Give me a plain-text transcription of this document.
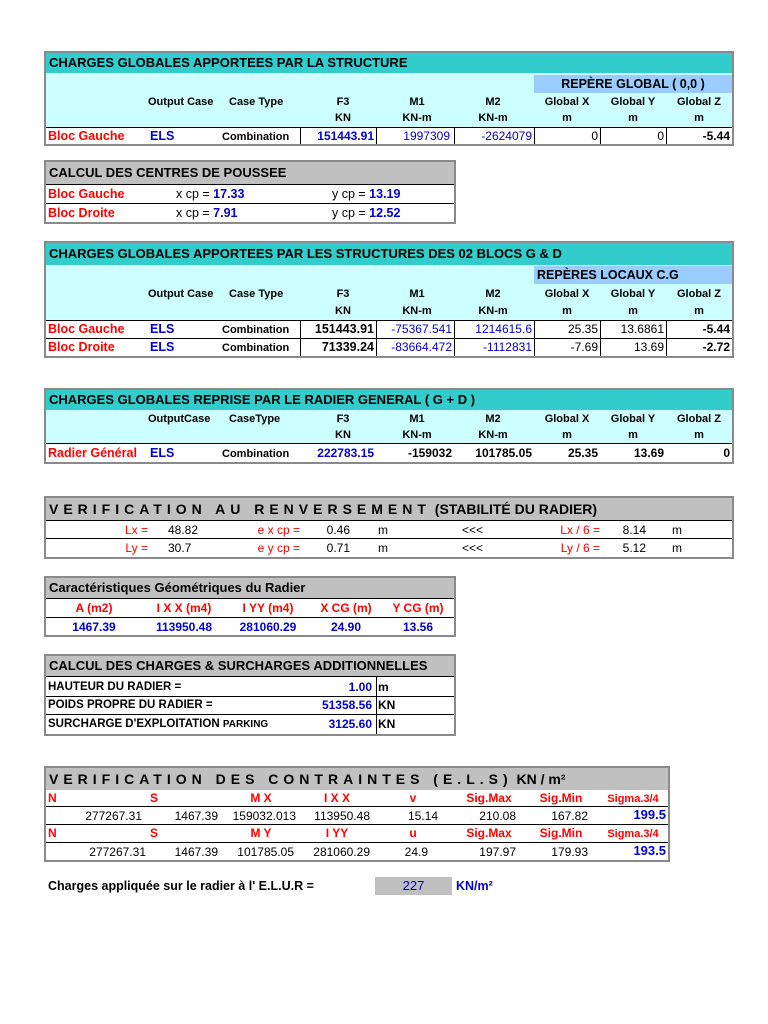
CHARGES GLOBALES APPORTEES PAR LA STRUCTURE
REPÈRE GLOBAL ( 0,0 )
Output Case Case Type	F3	M1	M2	Global X	Global Y	Global Z
KN	KN-m	KN-m	m	m	m
Bloc Gauche ELS	Combination	151443.91	1997309	-2624079	0	0	-5.44
CALCUL DES CENTRES DE POUSSEE
Bloc Gauche	x cp = 17.33	y cp = 13.19
Bloc Droite	x cp = 7.91	y cp = 12.52
CHARGES GLOBALES APPORTEES PAR LES STRUCTURES DES 02 BLOCS G & D
REPÈRES LOCAUX C.G
Output Case Case Type	F3	M1	M2	Global X	Global Y	Global Z
KN	KN-m	KN-m	m	m	m
Bloc Gauche ELS	Combination	151443.91	-75367.541	1214615.6	25.35	13.6861	-5.44
Bloc Droite	ELS	Combination	71339.24	-83664.472	-1112831	-7.69	13.69	-2.72
CHARGES GLOBALES REPRISE PAR LE RADIER GENERAL ( G + D )
OutputCase CaseType	F3	M1	M2	Global X	Global Y	Global Z
KN	KN-m	KN-m	m	m	m
Radier Général ELS	Combination	222783.15	-159032	101785.05	25.35	13.69	0
VERIFICATION AU RENVERSEMENT (STABILITÉ DU RADIER)
Lx = 48.82	e x cp =	0.46 m	<<<	Lx / 6 =	8.14 m
Ly = 30.7	e y cp =	0.71 m	<<<	Ly / 6 =	5.12 m
Caractéristiques Géométriques du Radier
A (m2)	I X X (m4)	I YY (m4)	X CG (m)	Y CG (m)
1467.39	113950.48	281060.29	24.90	13.56
CALCUL DES CHARGES & SURCHARGES ADDITIONNELLES
HAUTEUR DU RADIER =	1.00 m
POIDS PROPRE DU RADIER =	51358.56 KN
SURCHARGE D'EXPLOITATION PARKING	3125.60 KN
VERIFICATION DES CONTRAINTES (E.L.S) KN / m²
N	S	M X	I X X	v	Sig.Max	Sig.Min	Sigma.3/4
277267.31	1467.39	159032.013	113950.48	15.14	210.08	167.82	199.5
N	S	M Y	I YY	u	Sig.Max	Sig.Min	Sigma.3/4
277267.31	1467.39	101785.05	281060.29	24.9	197.97	179.93	193.5
Charges appliquée sur le radier à l' E.L.U.R =	227	KN/m²
